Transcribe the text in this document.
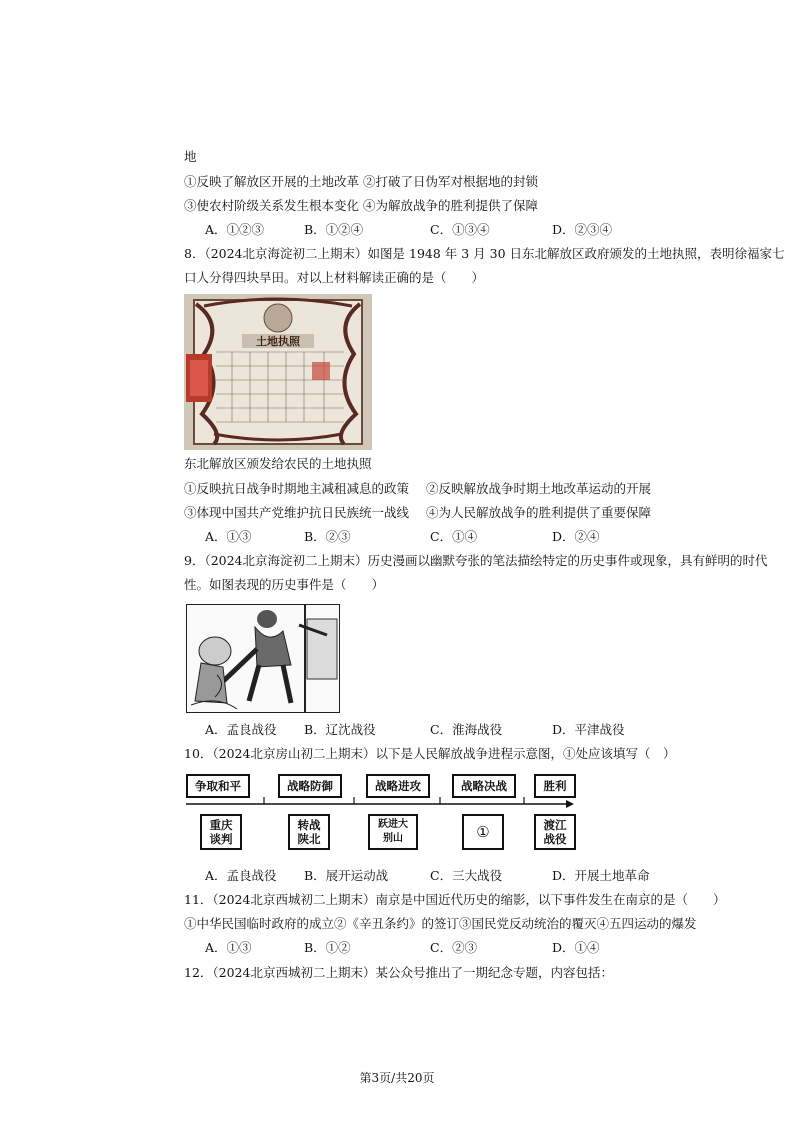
地
①反映了解放区开展的土地改革 ②打破了日伪军对根据地的封锁
③使农村阶级关系发生根本变化 ④为解放战争的胜利提供了保障
A．①②③	B．①②④	C．①③④	D．②③④
8．（2024北京海淀初二上期末）如图是 1948 年 3 月 30 日东北解放区政府颁发的土地执照，表明徐福家七
口人分得四块旱田。对以上材料解读正确的是（　　）
土地执照
东北解放区颁发给农民的土地执照
①反映抗日战争时期地主减租减息的政策 ②反映解放战争时期土地改革运动的开展
③体现中国共产党维护抗日民族统一战线 ④为人民解放战争的胜利提供了重要保障
A．①③	B．②③	C．①④	D．②④
9．（2024北京海淀初二上期末）历史漫画以幽默夸张的笔法描绘特定的历史事件或现象，具有鲜明的时代
性。如图表现的历史事件是（　　）
A．孟良战役 B．辽沈战役	C．淮海战役	D．平津战役
10．（2024北京房山初二上期末）以下是人民解放战争进程示意图，①处应该填写（　）
争取和平	战略防御	战略进攻	战略决战	胜利
重庆
谈判
转战
陕北
跃进大
别山	①	渡江
战役
A．孟良战役 B．展开运动战	C．三大战役	D．开展土地革命
11．（2024北京西城初二上期末）南京是中国近代历史的缩影，以下事件发生在南京的是（　　）
①中华民国临时政府的成立②《辛丑条约》的签订③国民党反动统治的覆灭④五四运动的爆发
A．①③	B．①②	C．②③	D．①④
12．（2024北京西城初二上期末）某公众号推出了一期纪念专题，内容包括：
第3页/共20页
